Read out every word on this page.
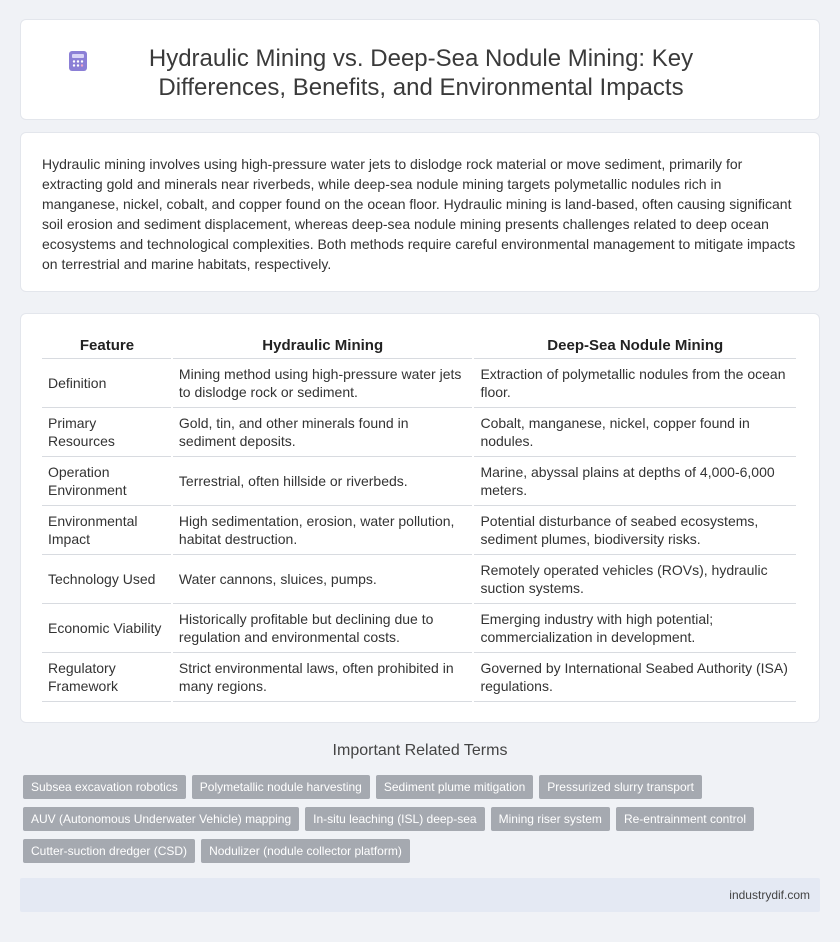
Hydraulic Mining vs. Deep-Sea Nodule Mining: Key Differences, Benefits, and Environmental Impacts

Hydraulic mining involves using high-pressure water jets to dislodge rock material or move sediment, primarily for extracting gold and minerals near riverbeds, while deep-sea nodule mining targets polymetallic nodules rich in manganese, nickel, cobalt, and copper found on the ocean floor. Hydraulic mining is land-based, often causing significant soil erosion and sediment displacement, whereas deep-sea nodule mining presents challenges related to deep ocean ecosystems and technological complexities. Both methods require careful environmental management to mitigate impacts on terrestrial and marine habitats, respectively.

Feature	Hydraulic Mining	Deep-Sea Nodule Mining
Definition	Mining method using high-pressure water jets to dislodge rock or sediment.	Extraction of polymetallic nodules from the ocean floor.
Primary Resources	Gold, tin, and other minerals found in sediment deposits.	Cobalt, manganese, nickel, copper found in nodules.
Operation Environment	Terrestrial, often hillside or riverbeds.	Marine, abyssal plains at depths of 4,000-6,000 meters.
Environmental Impact	High sedimentation, erosion, water pollution, habitat destruction.	Potential disturbance of seabed ecosystems, sediment plumes, biodiversity risks.
Technology Used	Water cannons, sluices, pumps.	Remotely operated vehicles (ROVs), hydraulic suction systems.
Economic Viability	Historically profitable but declining due to regulation and environmental costs.	Emerging industry with high potential; commercialization in development.
Regulatory Framework	Strict environmental laws, often prohibited in many regions.	Governed by International Seabed Authority (ISA) regulations.
Important Related Terms
Subsea excavation robotics	Polymetallic nodule harvesting	Sediment plume mitigation	Pressurized slurry transport
AUV (Autonomous Underwater Vehicle) mapping	In-situ leaching (ISL) deep-sea	Mining riser system	Re-entrainment control
Cutter-suction dredger (CSD)	Nodulizer (nodule collector platform)
industrydif.com
